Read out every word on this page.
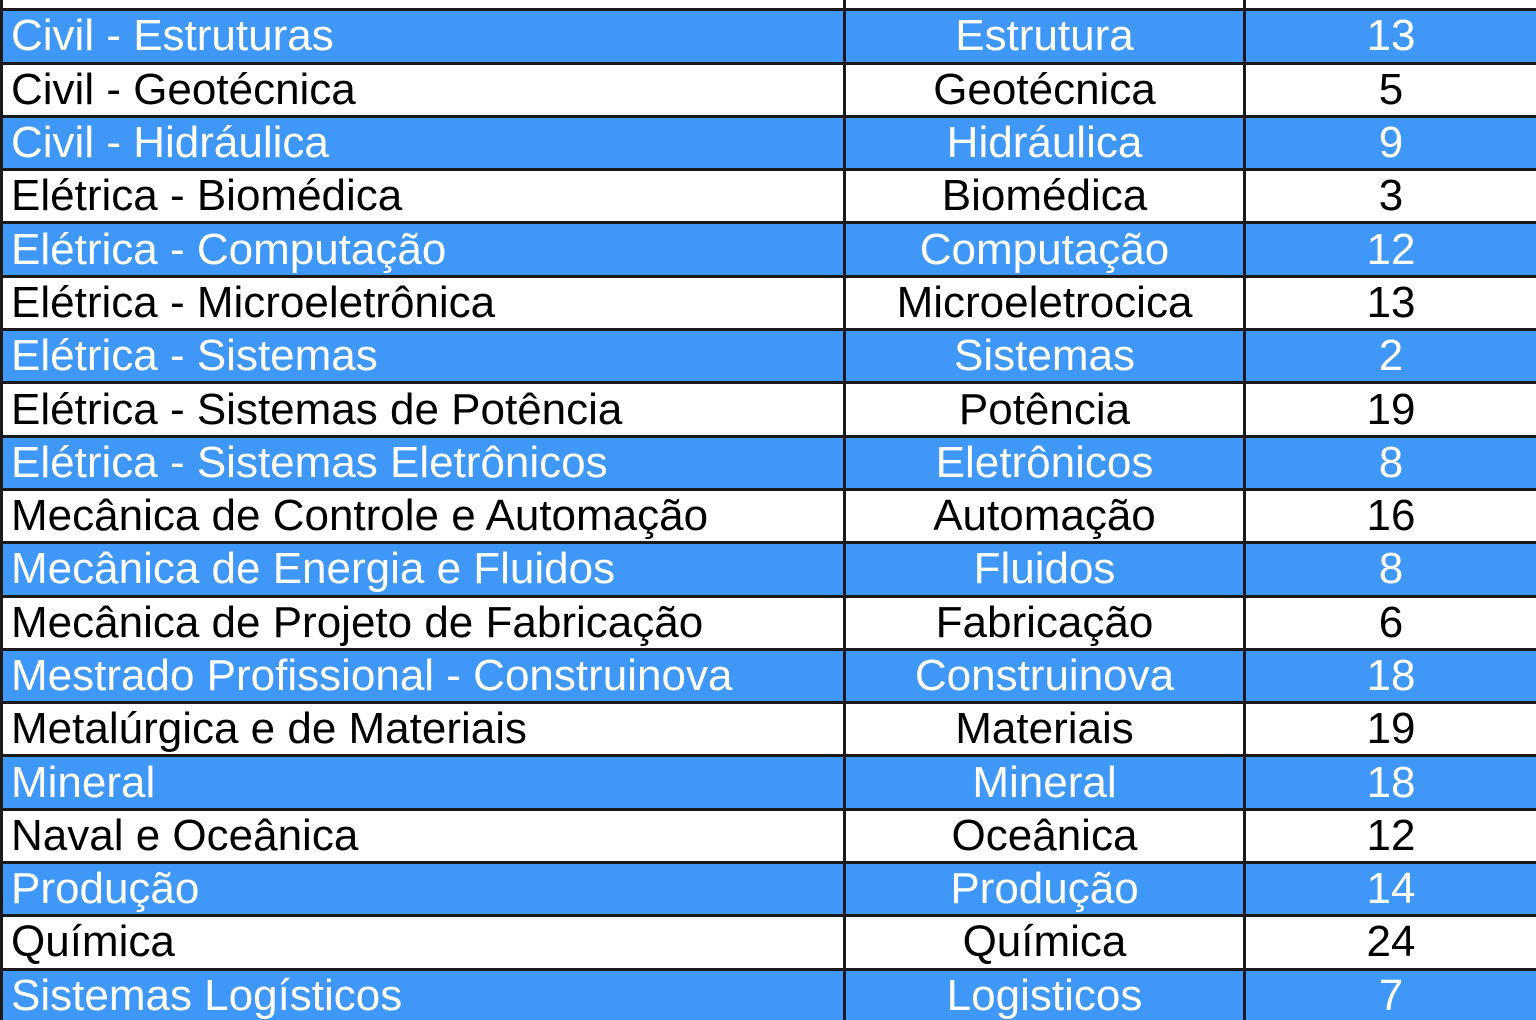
Civil - Estruturas	Estrutura	13
Civil - Geotécnica	Geotécnica	5
Civil - Hidráulica	Hidráulica	9
Elétrica - Biomédica	Biomédica	3
Elétrica - Computação	Computação	12
Elétrica - Microeletrônica	Microeletrocica	13
Elétrica - Sistemas	Sistemas	2
Elétrica - Sistemas de Potência	Potência	19
Elétrica - Sistemas Eletrônicos	Eletrônicos	8
Mecânica de Controle e Automação	Automação	16
Mecânica de Energia e Fluidos	Fluidos	8
Mecânica de Projeto de Fabricação	Fabricação	6
Mestrado Profissional - Construinova	Construinova	18
Metalúrgica e de Materiais	Materiais	19
Mineral	Mineral	18
Naval e Oceânica	Oceânica	12
Produção	Produção	14
Química	Química	24
Sistemas Logísticos	Logisticos	7
